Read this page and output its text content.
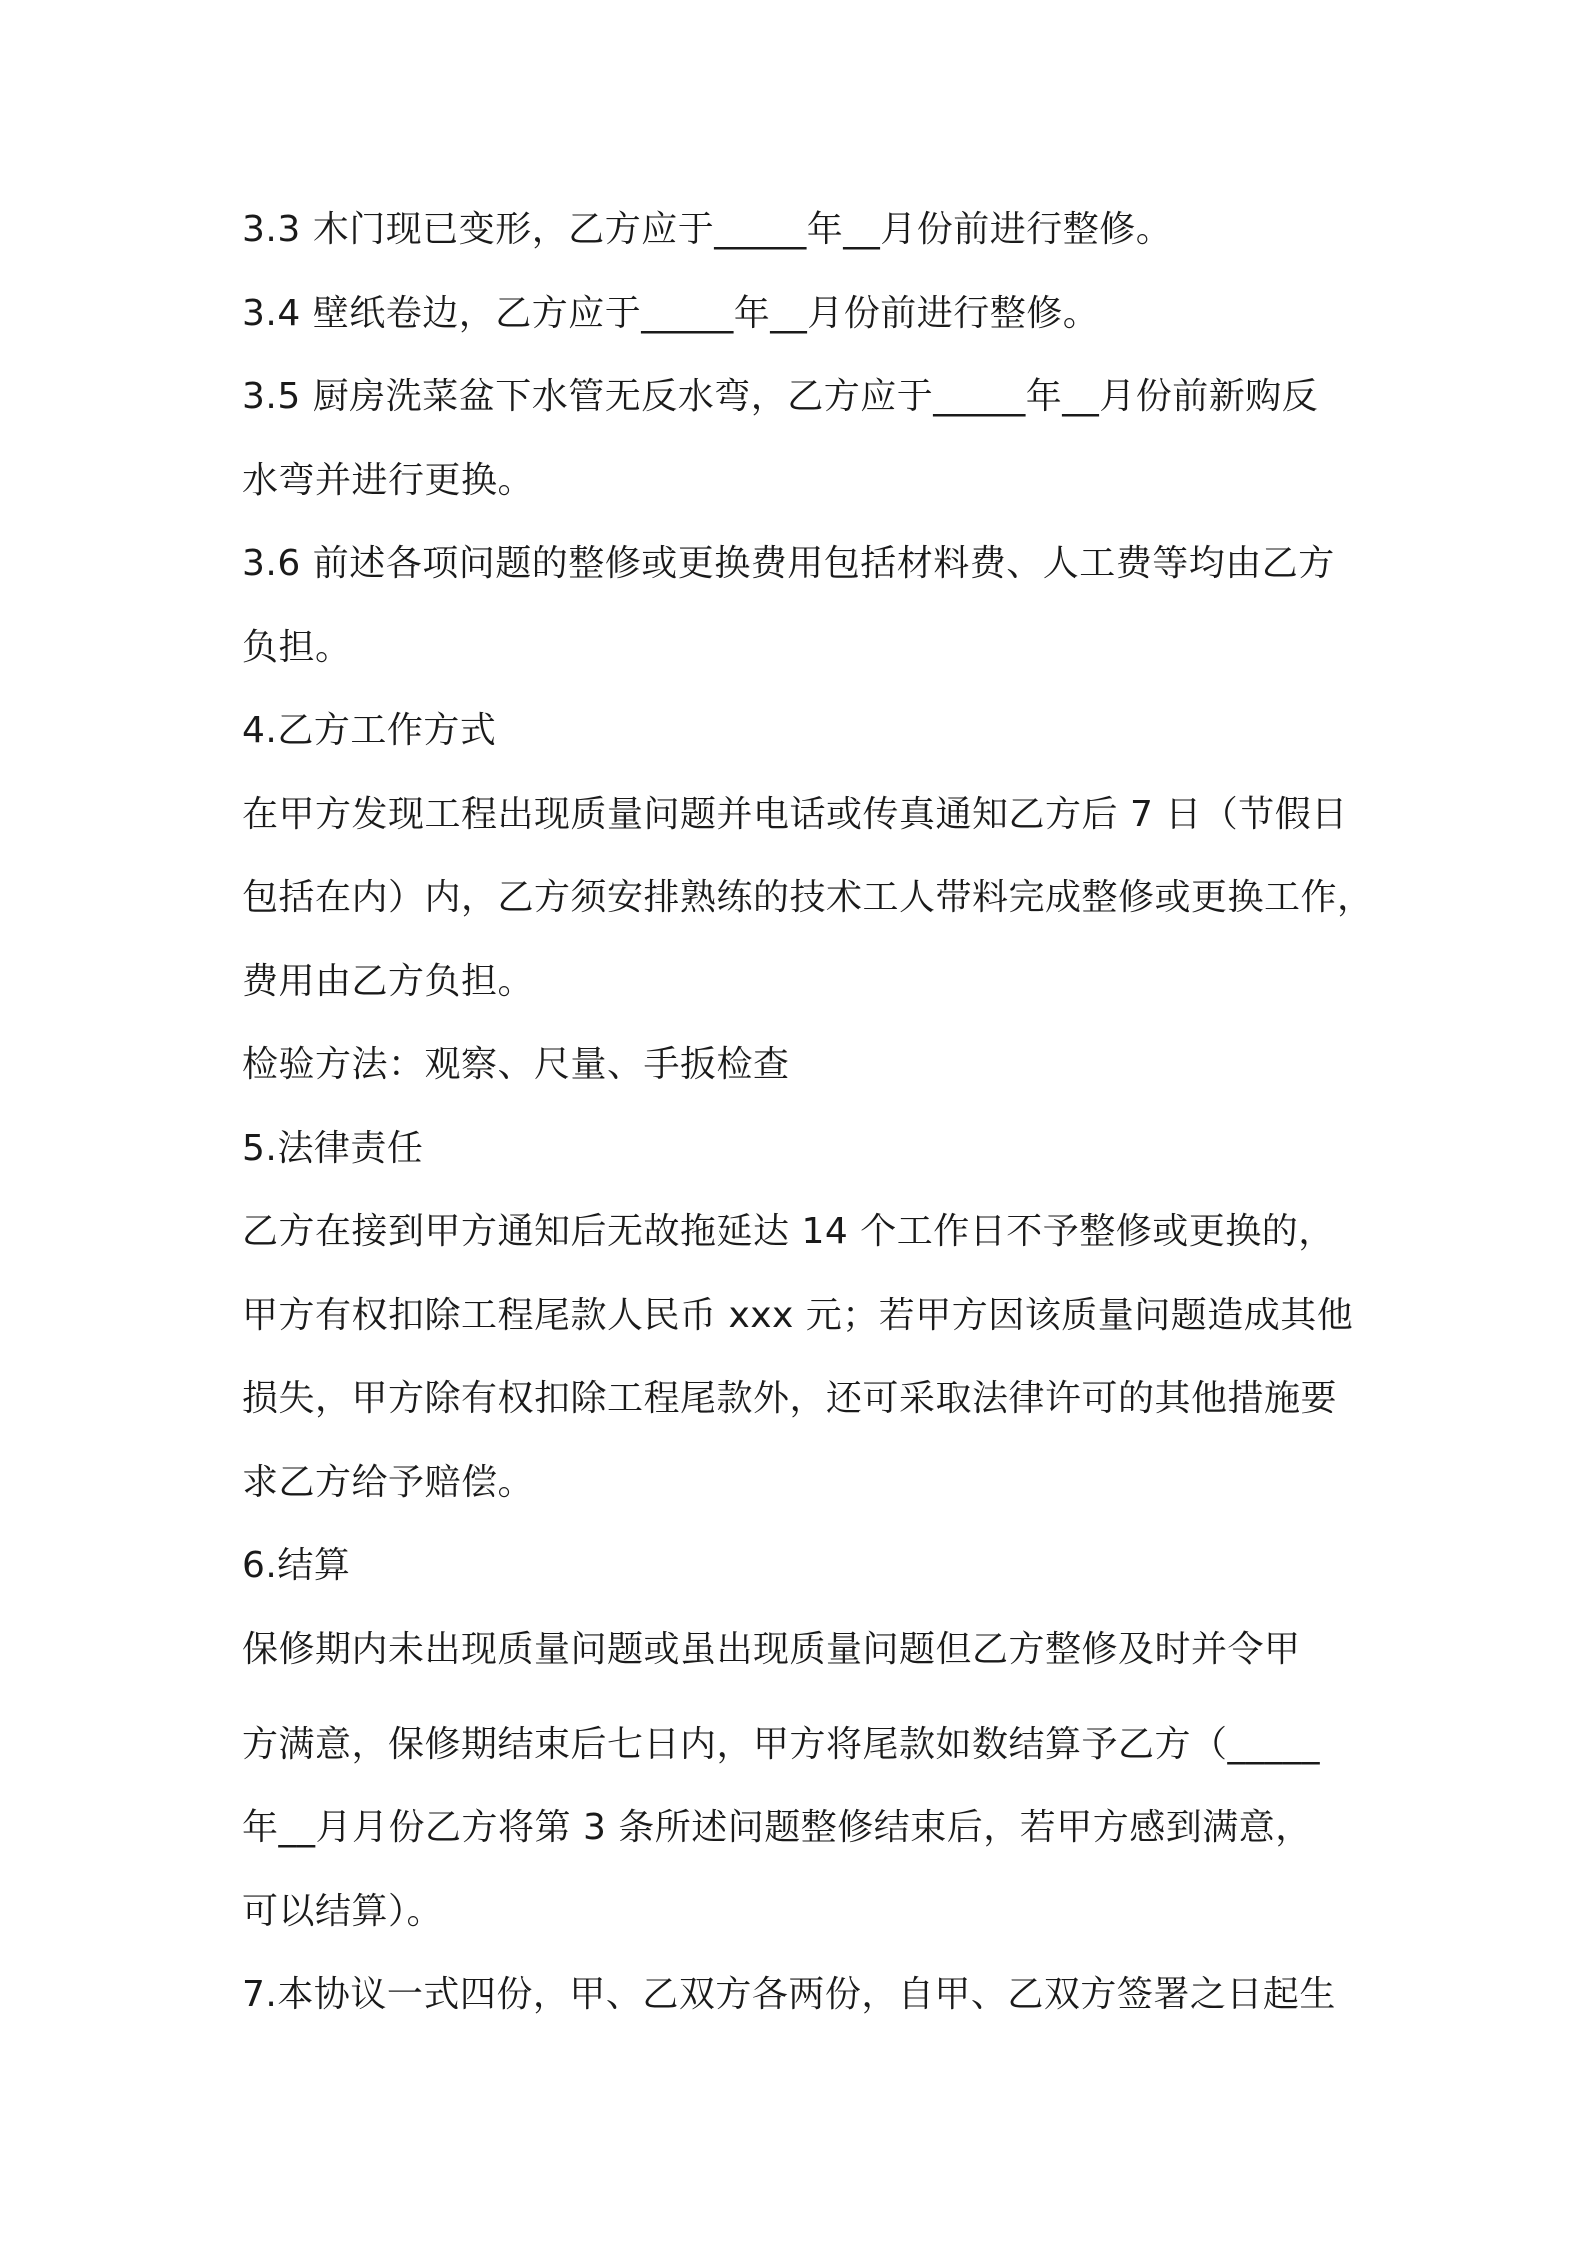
3.3 木门现已变形，乙方应于_____年__月份前进行整修。
3.4 壁纸卷边，乙方应于_____年__月份前进行整修。
3.5 厨房洗菜盆下水管无反水弯，乙方应于_____年__月份前新购反
水弯并进行更换。
3.6 前述各项问题的整修或更换费用包括材料费、人工费等均由乙方
负担。
4.乙方工作方式
在甲方发现工程出现质量问题并电话或传真通知乙方后 7 日（节假日
包括在内）内，乙方须安排熟练的技术工人带料完成整修或更换工作，
费用由乙方负担。
检验方法：观察、尺量、手扳检查
5.法律责任
乙方在接到甲方通知后无故拖延达 14 个工作日不予整修或更换的，
甲方有权扣除工程尾款人民币 xxx 元；若甲方因该质量问题造成其他
损失，甲方除有权扣除工程尾款外，还可采取法律许可的其他措施要
求乙方给予赔偿。
6.结算
保修期内未出现质量问题或虽出现质量问题但乙方整修及时并令甲
方满意，保修期结束后七日内，甲方将尾款如数结算予乙方（_____
年__月月份乙方将第 3 条所述问题整修结束后，若甲方感到满意，
可以结算）。
7.本协议一式四份，甲、乙双方各两份，自甲、乙双方签署之日起生
